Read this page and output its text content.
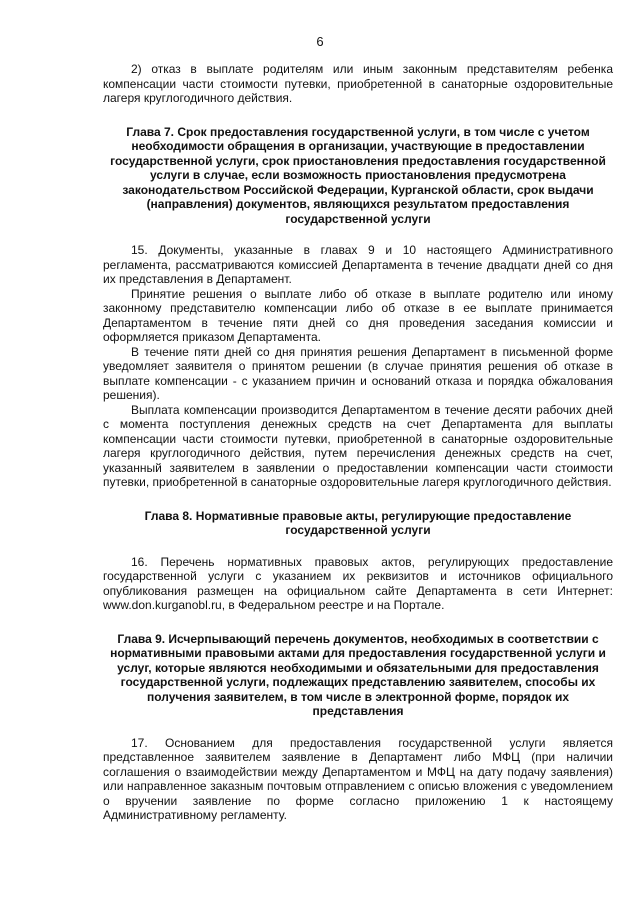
6

2) отказ в выплате родителям или иным законным представителям ребенка компенсации части стоимости путевки, приобретенной в санаторные оздоровительные лагеря круглогодичного действия.

Глава 7. Срок предоставления государственной услуги, в том числе с учетом необходимости обращения в организации, участвующие в предоставлении государственной услуги, срок приостановления предоставления государственной услуги в случае, если возможность приостановления предусмотрена законодательством Российской Федерации, Курганской области, срок выдачи (направления) документов, являющихся результатом предоставления государственной услуги

15. Документы, указанные в главах 9 и 10 настоящего Административного регламента, рассматриваются комиссией Департамента в течение двадцати дней со дня их представления в Департамент.

Принятие решения о выплате либо об отказе в выплате родителю или иному законному представителю компенсации либо об отказе в ее выплате принимается Департаментом в течение пяти дней со дня проведения заседания комиссии и оформляется приказом Департамента.

В течение пяти дней со дня принятия решения Департамент в письменной форме уведомляет заявителя о принятом решении (в случае принятия решения об отказе в выплате компенсации - с указанием причин и оснований отказа и порядка обжалования решения).

Выплата компенсации производится Департаментом в течение десяти рабочих дней с момента поступления денежных средств на счет Департамента для выплаты компенсации части стоимости путевки, приобретенной в санаторные оздоровительные лагеря круглогодичного действия, путем перечисления денежных средств на счет, указанный заявителем в заявлении о предоставлении компенсации части стоимости путевки, приобретенной в санаторные оздоровительные лагеря круглогодичного действия.

Глава 8. Нормативные правовые акты, регулирующие предоставление государственной услуги

16. Перечень нормативных правовых актов, регулирующих предоставление государственной услуги с указанием их реквизитов и источников официального опубликования размещен на официальном сайте Департамента в сети Интернет: www.don.kurganobl.ru, в Федеральном реестре и на Портале.

Глава 9. Исчерпывающий перечень документов, необходимых в соответствии с нормативными правовыми актами для предоставления государственной услуги и услуг, которые являются необходимыми и обязательными для предоставления государственной услуги, подлежащих представлению заявителем, способы их получения заявителем, в том числе в электронной форме, порядок их представления

17. Основанием для предоставления государственной услуги является представленное заявителем заявление в Департамент либо МФЦ (при наличии соглашения о взаимодействии между Департаментом и МФЦ на дату подачу заявления) или направленное заказным почтовым отправлением с описью вложения с уведомлением о вручении заявление по форме согласно приложению 1 к настоящему Административному регламенту.
